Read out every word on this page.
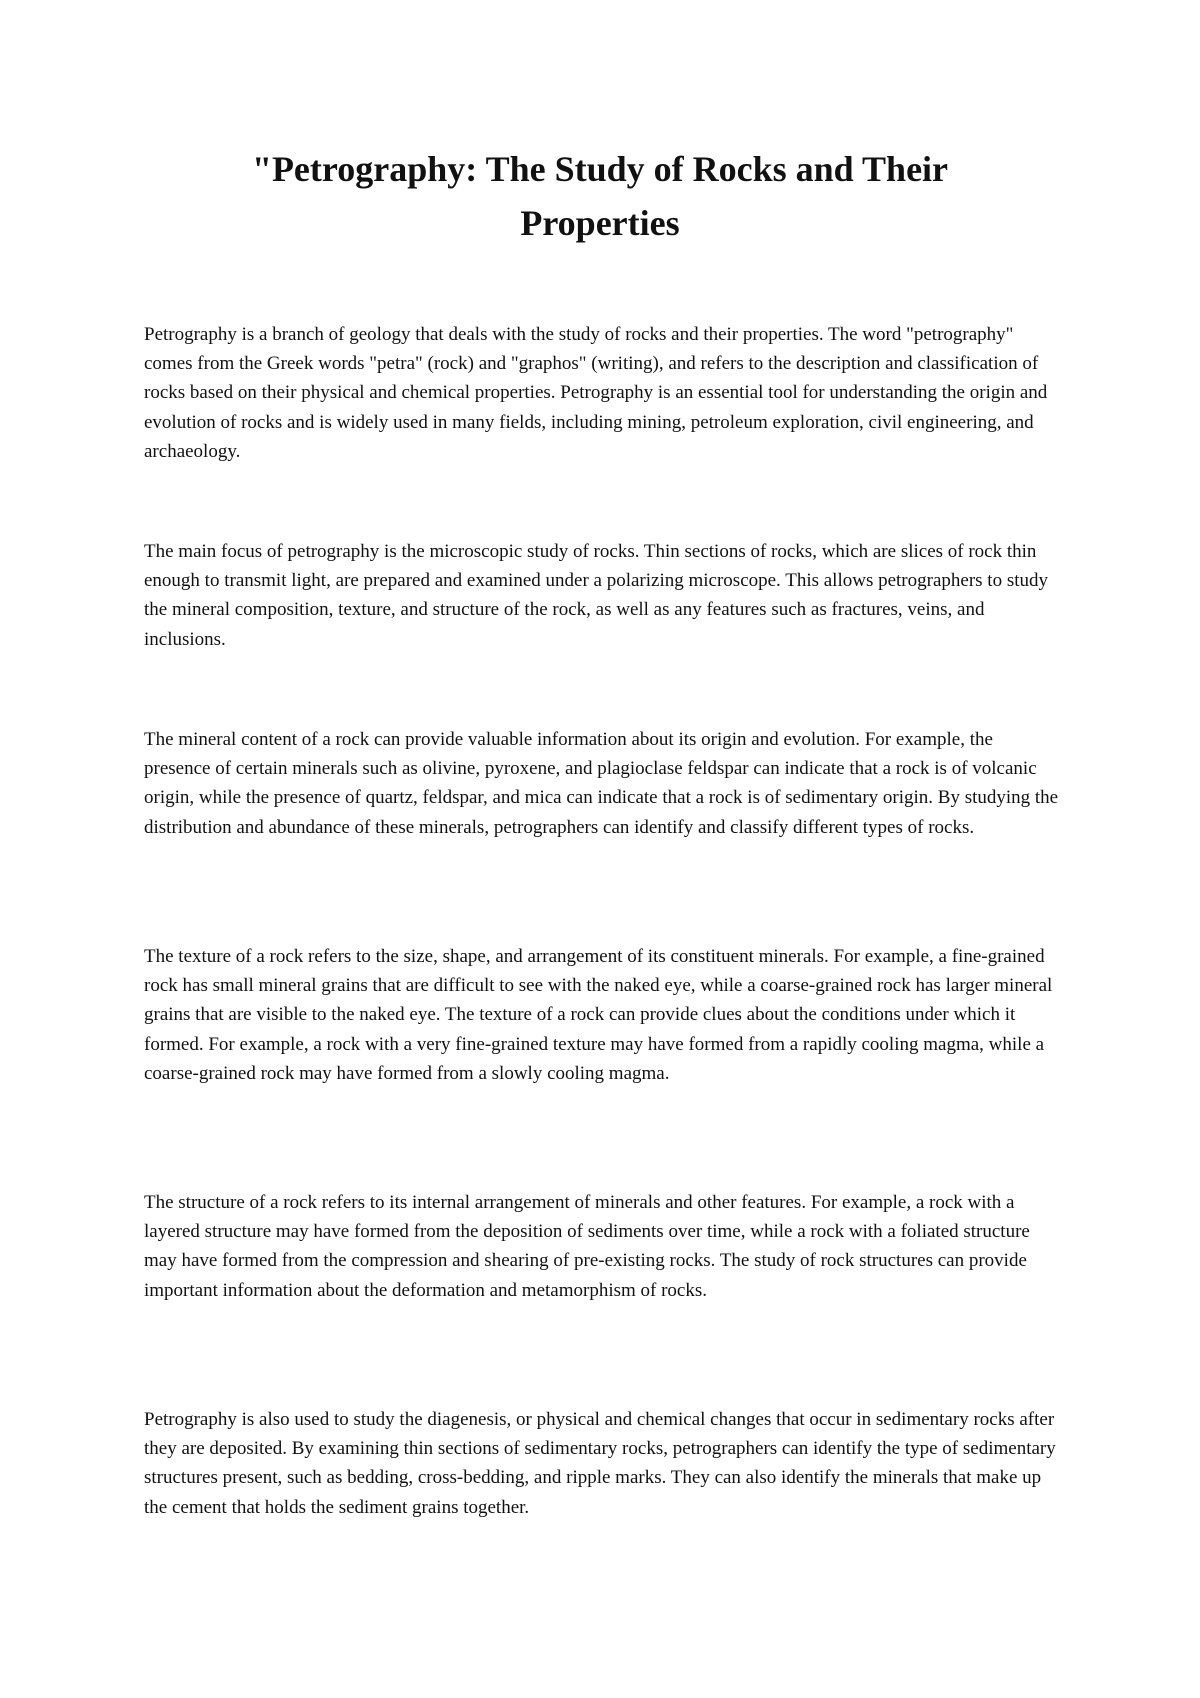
"Petrography: The Study of Rocks and Their Properties

Petrography is a branch of geology that deals with the study of rocks and their properties. The word "petrography" comes from the Greek words "petra" (rock) and "graphos" (writing), and refers to the description and classification of rocks based on their physical and chemical properties. Petrography is an essential tool for understanding the origin and evolution of rocks and is widely used in many fields, including mining, petroleum exploration, civil engineering, and archaeology.

The main focus of petrography is the microscopic study of rocks. Thin sections of rocks, which are slices of rock thin enough to transmit light, are prepared and examined under a polarizing microscope. This allows petrographers to study the mineral composition, texture, and structure of the rock, as well as any features such as fractures, veins, and inclusions.

The mineral content of a rock can provide valuable information about its origin and evolution. For example, the presence of certain minerals such as olivine, pyroxene, and plagioclase feldspar can indicate that a rock is of volcanic origin, while the presence of quartz, feldspar, and mica can indicate that a rock is of sedimentary origin. By studying the distribution and abundance of these minerals, petrographers can identify and classify different types of rocks.

The texture of a rock refers to the size, shape, and arrangement of its constituent minerals. For example, a fine-grained rock has small mineral grains that are difficult to see with the naked eye, while a coarse-grained rock has larger mineral grains that are visible to the naked eye. The texture of a rock can provide clues about the conditions under which it formed. For example, a rock with a very fine-grained texture may have formed from a rapidly cooling magma, while a coarse-grained rock may have formed from a slowly cooling magma.

The structure of a rock refers to its internal arrangement of minerals and other features. For example, a rock with a layered structure may have formed from the deposition of sediments over time, while a rock with a foliated structure may have formed from the compression and shearing of pre-existing rocks. The study of rock structures can provide important information about the deformation and metamorphism of rocks.

Petrography is also used to study the diagenesis, or physical and chemical changes that occur in sedimentary rocks after they are deposited. By examining thin sections of sedimentary rocks, petrographers can identify the type of sedimentary structures present, such as bedding, cross-bedding, and ripple marks. They can also identify the minerals that make up the cement that holds the sediment grains together.
